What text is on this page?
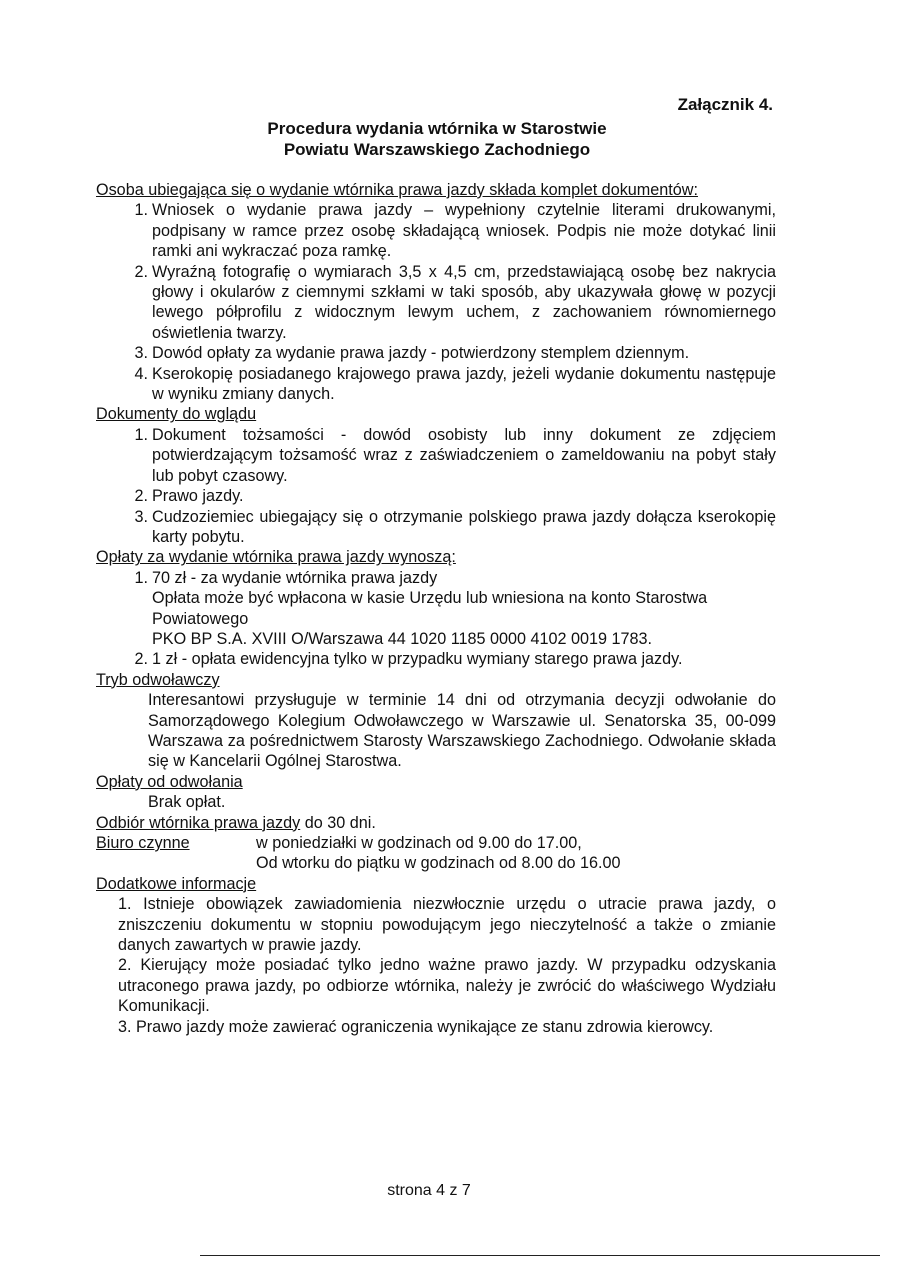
Załącznik 4.
Procedura wydania wtórnika w Starostwie
Powiatu Warszawskiego Zachodniego
Osoba ubiegająca się o wydanie wtórnika prawa jazdy składa komplet dokumentów:
1. Wniosek o wydanie prawa jazdy – wypełniony czytelnie literami drukowanymi, podpisany w ramce przez osobę składającą wniosek. Podpis nie może dotykać linii ramki ani wykraczać poza ramkę.
2. Wyraźną fotografię o wymiarach 3,5 x 4,5 cm, przedstawiającą osobę bez nakrycia głowy i okularów z ciemnymi szkłami w taki sposób, aby ukazywała głowę w pozycji lewego półprofilu z widocznym lewym uchem, z zachowaniem równomiernego oświetlenia twarzy.
3. Dowód opłaty za wydanie prawa jazdy - potwierdzony stemplem dziennym.
4. Kserokopię posiadanego krajowego prawa jazdy, jeżeli wydanie dokumentu następuje w wyniku zmiany danych.
Dokumenty do wglądu
1. Dokument tożsamości - dowód osobisty lub inny dokument ze zdjęciem potwierdzającym tożsamość wraz z zaświadczeniem o zameldowaniu na pobyt stały lub pobyt czasowy.
2. Prawo jazdy.
3. Cudzoziemiec ubiegający się o otrzymanie polskiego prawa jazdy dołącza kserokopię karty pobytu.
Opłaty za wydanie wtórnika prawa jazdy wynoszą:
1. 70 zł - za wydanie wtórnika prawa jazdy
Opłata może być wpłacona w kasie Urzędu lub wniesiona na konto Starostwa Powiatowego
PKO BP S.A. XVIII O/Warszawa 44 1020 1185 0000 4102 0019 1783.
2. 1 zł - opłata ewidencyjna tylko w przypadku wymiany starego prawa jazdy.
Tryb odwoławczy
Interesantowi przysługuje w terminie 14 dni od otrzymania decyzji odwołanie do Samorządowego Kolegium Odwoławczego w Warszawie ul. Senatorska 35, 00-099 Warszawa za pośrednictwem Starosty Warszawskiego Zachodniego. Odwołanie składa się w Kancelarii Ogólnej Starostwa.
Opłaty od odwołania
Brak opłat.
Odbiór wtórnika prawa jazdy do 30 dni.
Biuro czynne	w poniedziałki w godzinach od 9.00 do 17.00,
Od wtorku do piątku w godzinach od 8.00 do 16.00
Dodatkowe informacje
1. Istnieje obowiązek zawiadomienia niezwłocznie urzędu o utracie prawa jazdy, o zniszczeniu dokumentu w stopniu powodującym jego nieczytelność a także o zmianie danych zawartych w prawie jazdy.
2. Kierujący może posiadać tylko jedno ważne prawo jazdy. W przypadku odzyskania utraconego prawa jazdy, po odbiorze wtórnika, należy je zwrócić do właściwego Wydziału Komunikacji.
3. Prawo jazdy może zawierać ograniczenia wynikające ze stanu zdrowia kierowcy.
strona 4 z 7
